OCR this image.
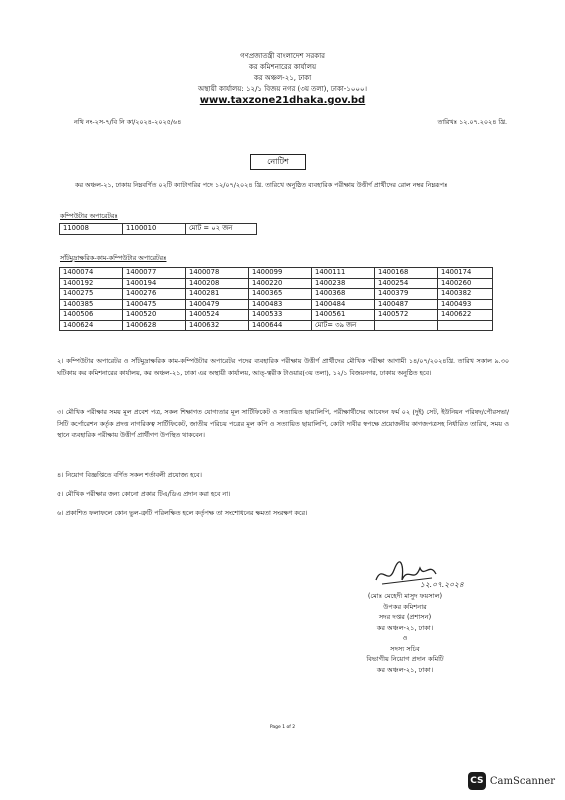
গণপ্রজাতন্ত্রী বাংলাদেশ সরকার
কর কমিশনারের কার্যালয়
কর অঞ্চল-২১, ঢাকা
অস্থায়ী কার্যালয়: ১২/১ বিজয় নগর (৩য় তলা), ঢাকা-১০০০।
www.taxzone21dhaka.gov.bd
নথি নং-২স-৭/বি নি কা/২০২৪-২০২৫/৬৪	তারিখঃ ১২.০৭.২০২৪ খ্রি.
নোটিশ
কর অঞ্চল-২১, ঢাকায় নিম্নবর্ণিত ০২টি ক্যাটাগরির পদে ১২/০৭/২০২৪ খ্রি. তারিখে অনুষ্ঠিত ব্যবহারিক পরীক্ষায় উত্তীর্ণ প্রার্থীদের রোল নম্বর নিম্নরূপঃ
কম্পিউটার অপারেটরঃ
110008	1100010	মোট = ০২ জন
সাঁটমুদ্রাক্ষরিক-কাম-কম্পিউটার অপারেটরঃ
1400074	1400077	1400078	1400099	1400111	1400168	1400174
1400192	1400194	1400208	1400220	1400238	1400254	1400260
1400275	1400276	1400281	1400365	1400368	1400379	1400382
1400385	1400475	1400479	1400483	1400484	1400487	1400493
1400506	1400520	1400524	1400533	1400561	1400572	1400622
1400624	1400628	1400632	1400644	মোট= ৩৯ জন		
২। কম্পিউটার অপারেটর ও সাঁটমুদ্রাক্ষরিক কাম-কম্পিউটার অপারেটর পদের ব্যবহারিক পরীক্ষায় উত্তীর্ণ প্রার্থীদের মৌখিক পরীক্ষা আগামী ১৪/০৭/২০২৪খ্রি. তারিখ সকাল ৯.৩০ ঘটিকায় কর কমিশনারের কার্যালয়, কর অঞ্চল-২১, ঢাকা এর অস্থায়ী কার্যালয়, আত্-ত্বরীক টাওয়ার(৩য় তলা), ১২/১ বিজয়নগর, ঢাকায় অনুষ্ঠিত হবে।
৩। মৌখিক পরীক্ষার সময় মূল প্রবেশ পত্র, সকল শিক্ষাগত যোগ্যতার মূল সার্টিফিকেট ও সত্যায়িত ছায়ালিপি, পরীক্ষার্থীদের আবেদন ফর্ম ০২ (দুই) সেট, ইউনিয়ন পরিষদ/পৌরসভা/সিটি কর্পোরেশন কর্তৃক প্রদত্ত নাগরিকত্ব সার্টিফিকেট, জাতীয় পরিচয় পত্রের মূল কপি ও সত্যায়িত ছায়ালিপি, কোটা দাবীর স্বপক্ষে প্রয়োজনীয় কাগজপত্রসহ নির্ধারিত তারিখ, সময় ও স্থানে ব্যবহারিক পরীক্ষায় উত্তীর্ণ প্রার্থীগণ উপস্থিত থাকবেন।
৪। নিয়োগ বিজ্ঞপ্তিতে বর্ণিত সকল শর্তাবলী প্রযোজ্য হবে।
৫। মৌখিক পরীক্ষার জন্য কোনো প্রকার টিএ/ডিএ প্রদান করা হবে না।
৬। প্রকাশিত ফলাফলে কোন ভুল-ত্রুটি পরিলক্ষিত হলে কর্তৃপক্ষ তা সংশোধনের ক্ষমতা সংরক্ষণ করে।
১২.০৭.২০২৪
(মোঃ মেহেদী মাসুদ ফয়সাল)
উপকর কমিশনার
সদর দপ্তর (প্রশাসন)
কর অঞ্চল-২১, ঢাকা।
ও
সদস্য সচিব
বিভাগীয় নিয়োগ প্রদান কমিটি
কর অঞ্চল-২১, ঢাকা।
Page 1 of 2
CS CamScanner
